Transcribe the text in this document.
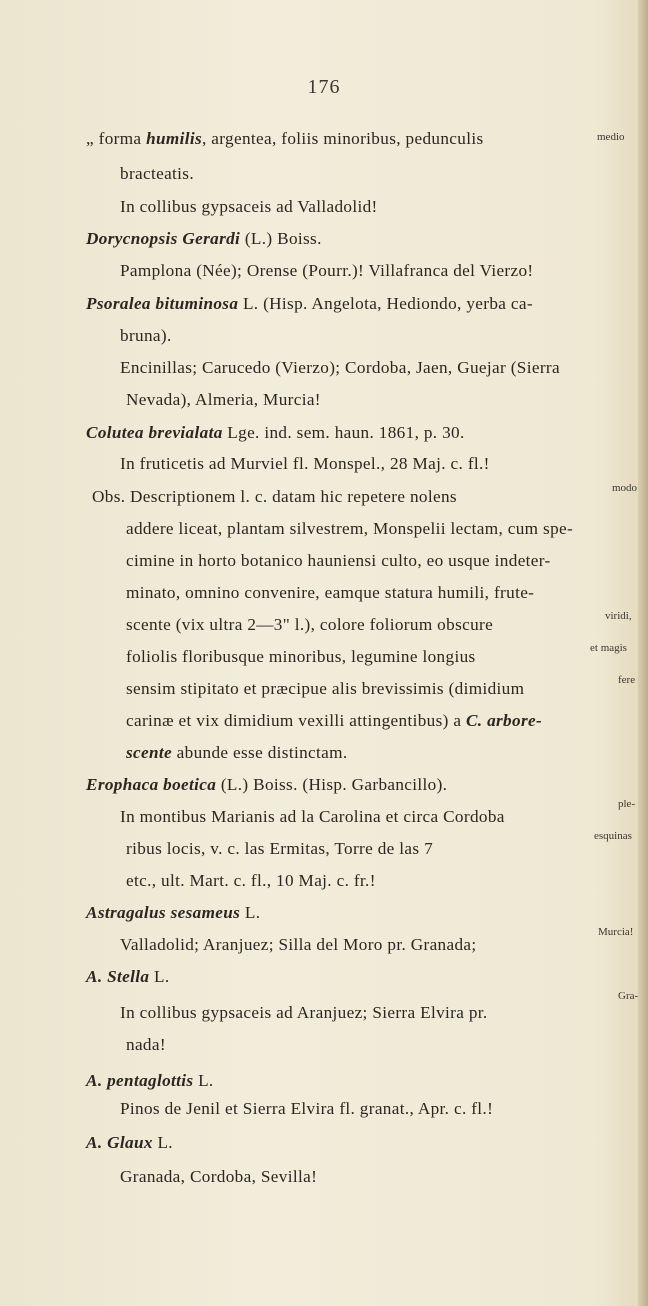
176
„ forma humilis, argentea, foliis minoribus, pedunculis	medio
bracteatis.
In collibus gypsaceis ad Valladolid!
Dorycnopsis Gerardi (L.) Boiss.
Pamplona (Née); Orense (Pourr.)! Villafranca del Vierzo!
Psoralea bituminosa L. (Hisp. Angelota, Hediondo, yerba ca-
bruna).
Encinillas; Carucedo (Vierzo); Cordoba, Jaen, Guejar (Sierra
Nevada), Almeria, Murcia!
Colutea brevialata Lge. ind. sem. haun. 1861, p. 30.
In fruticetis ad Murviel fl. Monspel., 28 Maj. c. fl.!
Obs. Descriptionem l. c. datam hic repetere nolens	modo
addere liceat, plantam silvestrem, Monspelii lectam, cum spe-
cimine in horto botanico hauniensi culto, eo usque indeter-
minato, omnino convenire, eamque statura humili, frute-
scente (vix ultra 2—3" l.), colore foliorum obscure	viridi,
foliolis floribusque minoribus, legumine longius	et magis
sensim stipitato et præcipue alis brevissimis (dimidium	fere
carinæ et vix dimidium vexilli attingentibus) a C. arbore-
scente abunde esse distinctam.
Erophaca boetica (L.) Boiss. (Hisp. Garbancillo).
In montibus Marianis ad la Carolina et circa Cordoba
ple-
ribus locis, v. c. las Ermitas, Torre de las 7
esquinas
etc., ult. Mart. c. fl., 10 Maj. c. fr.!
Astragalus sesameus L.
Valladolid; Aranjuez; Silla del Moro pr. Granada;
Murcia!
A. Stella L.
In collibus gypsaceis ad Aranjuez; Sierra Elvira pr.
Gra-
nada!
A. pentaglottis L.
Pinos de Jenil et Sierra Elvira fl. granat., Apr. c. fl.!
A. Glaux L.
Granada, Cordoba, Sevilla!
